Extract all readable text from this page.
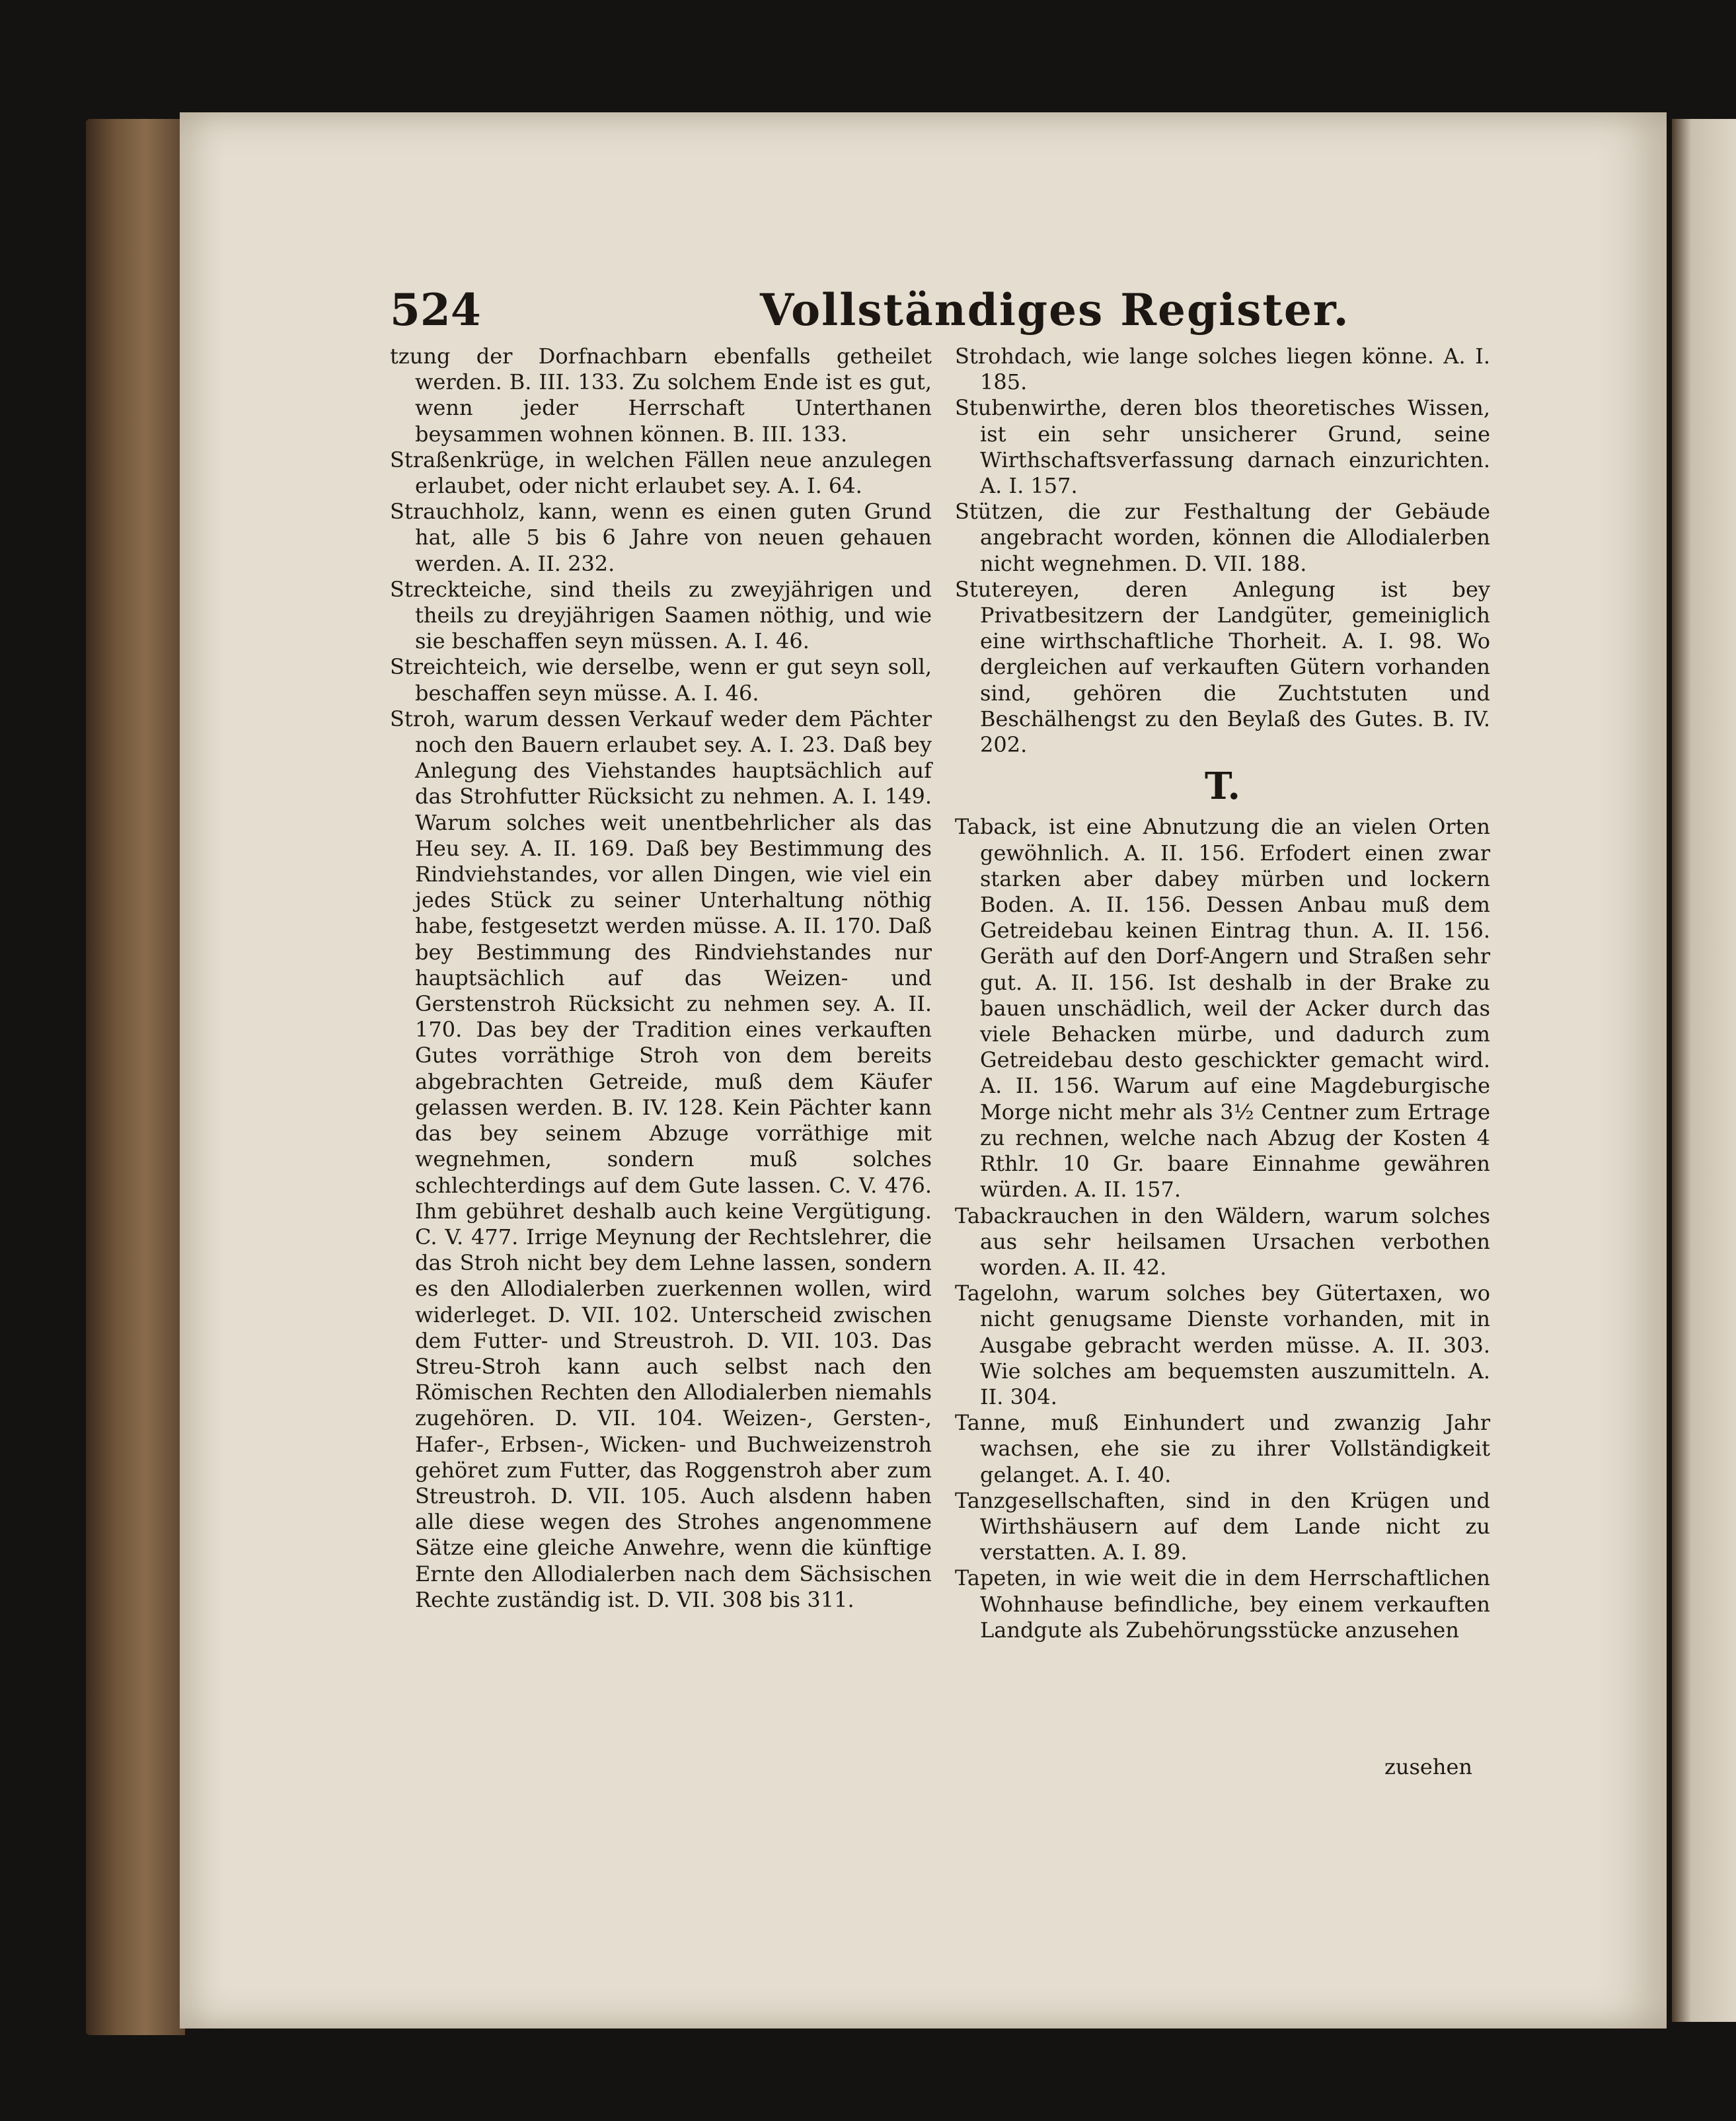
524	Vollständiges Register.

tzung der Dorfnachbarn ebenfalls getheilet werden. B. III. 133. Zu solchem Ende ist es gut, wenn jeder Herrschaft Unterthanen beysammen wohnen können. B. III. 133.

Straßenkrüge, in welchen Fällen neue anzulegen erlaubet, oder nicht erlaubet sey. A. I. 64.

Strauchholz, kann, wenn es einen guten Grund hat, alle 5 bis 6 Jahre von neuen gehauen werden. A. II. 232.

Streckteiche, sind theils zu zweyjährigen und theils zu dreyjährigen Saamen nöthig, und wie sie beschaffen seyn müssen. A. I. 46.

Streichteich, wie derselbe, wenn er gut seyn soll, beschaffen seyn müsse. A. I. 46.

Stroh, warum dessen Verkauf weder dem Pächter noch den Bauern erlaubet sey. A. I. 23. Daß bey Anlegung des Viehstandes hauptsächlich auf das Strohfutter Rücksicht zu nehmen. A. I. 149. Warum solches weit unentbehrlicher als das Heu sey. A. II. 169. Daß bey Bestimmung des Rindviehstandes, vor allen Dingen, wie viel ein jedes Stück zu seiner Unterhaltung nöthig habe, festgesetzt werden müsse. A. II. 170. Daß bey Bestimmung des Rindviehstandes nur hauptsächlich auf das Weizen- und Gerstenstroh Rücksicht zu nehmen sey. A. II. 170. Das bey der Tradition eines verkauften Gutes vorräthige Stroh von dem bereits abgebrachten Getreide, muß dem Käufer gelassen werden. B. IV. 128. Kein Pächter kann das bey seinem Abzuge vorräthige mit wegnehmen, sondern muß solches schlechterdings auf dem Gute lassen. C. V. 476. Ihm gebühret deshalb auch keine Vergütigung. C. V. 477. Irrige Meynung der Rechtslehrer, die das Stroh nicht bey dem Lehne lassen, sondern es den Allodialerben zuerkennen wollen, wird widerleget. D. VII. 102. Unterscheid zwischen dem Futter- und Streustroh. D. VII. 103. Das Streu-Stroh kann auch selbst nach den Römischen Rechten den Allodialerben niemahls zugehören. D. VII. 104. Weizen-, Gersten-, Hafer-, Erbsen-, Wicken- und Buchweizenstroh gehöret zum Futter, das Roggenstroh aber zum Streustroh. D. VII. 105. Auch alsdenn haben alle diese wegen des Strohes angenommene Sätze eine gleiche Anwehre, wenn die künftige Ernte den Allodialerben nach dem Sächsischen Rechte zuständig ist. D. VII. 308 bis 311.

Strohdach, wie lange solches liegen könne. A. I. 185.

Stubenwirthe, deren blos theoretisches Wissen, ist ein sehr unsicherer Grund, seine Wirthschaftsverfassung darnach einzurichten. A. I. 157.

Stützen, die zur Festhaltung der Gebäude angebracht worden, können die Allodialerben nicht wegnehmen. D. VII. 188.

Stutereyen, deren Anlegung ist bey Privatbesitzern der Landgüter, gemeiniglich eine wirthschaftliche Thorheit. A. I. 98. Wo dergleichen auf verkauften Gütern vorhanden sind, gehören die Zuchtstuten und Beschälhengst zu den Beylaß des Gutes. B. IV. 202.

T.

Taback, ist eine Abnutzung die an vielen Orten gewöhnlich. A. II. 156. Erfodert einen zwar starken aber dabey mürben und lockern Boden. A. II. 156. Dessen Anbau muß dem Getreidebau keinen Eintrag thun. A. II. 156. Geräth auf den Dorf-Angern und Straßen sehr gut. A. II. 156. Ist deshalb in der Brake zu bauen unschädlich, weil der Acker durch das viele Behacken mürbe, und dadurch zum Getreidebau desto geschickter gemacht wird. A. II. 156. Warum auf eine Magdeburgische Morge nicht mehr als 3½ Centner zum Ertrage zu rechnen, welche nach Abzug der Kosten 4 Rthlr. 10 Gr. baare Einnahme gewähren würden. A. II. 157.

Tabackrauchen in den Wäldern, warum solches aus sehr heilsamen Ursachen verbothen worden. A. II. 42.

Tagelohn, warum solches bey Gütertaxen, wo nicht genugsame Dienste vorhanden, mit in Ausgabe gebracht werden müsse. A. II. 303. Wie solches am bequemsten auszumitteln. A. II. 304.

Tanne, muß Einhundert und zwanzig Jahr wachsen, ehe sie zu ihrer Vollständigkeit gelanget. A. I. 40.

Tanzgesellschaften, sind in den Krügen und Wirthshäusern auf dem Lande nicht zu verstatten. A. I. 89.

Tapeten, in wie weit die in dem Herrschaftlichen Wohnhause befindliche, bey einem verkauften Landgute als Zubehörungsstücke anzusehen

zusehen
